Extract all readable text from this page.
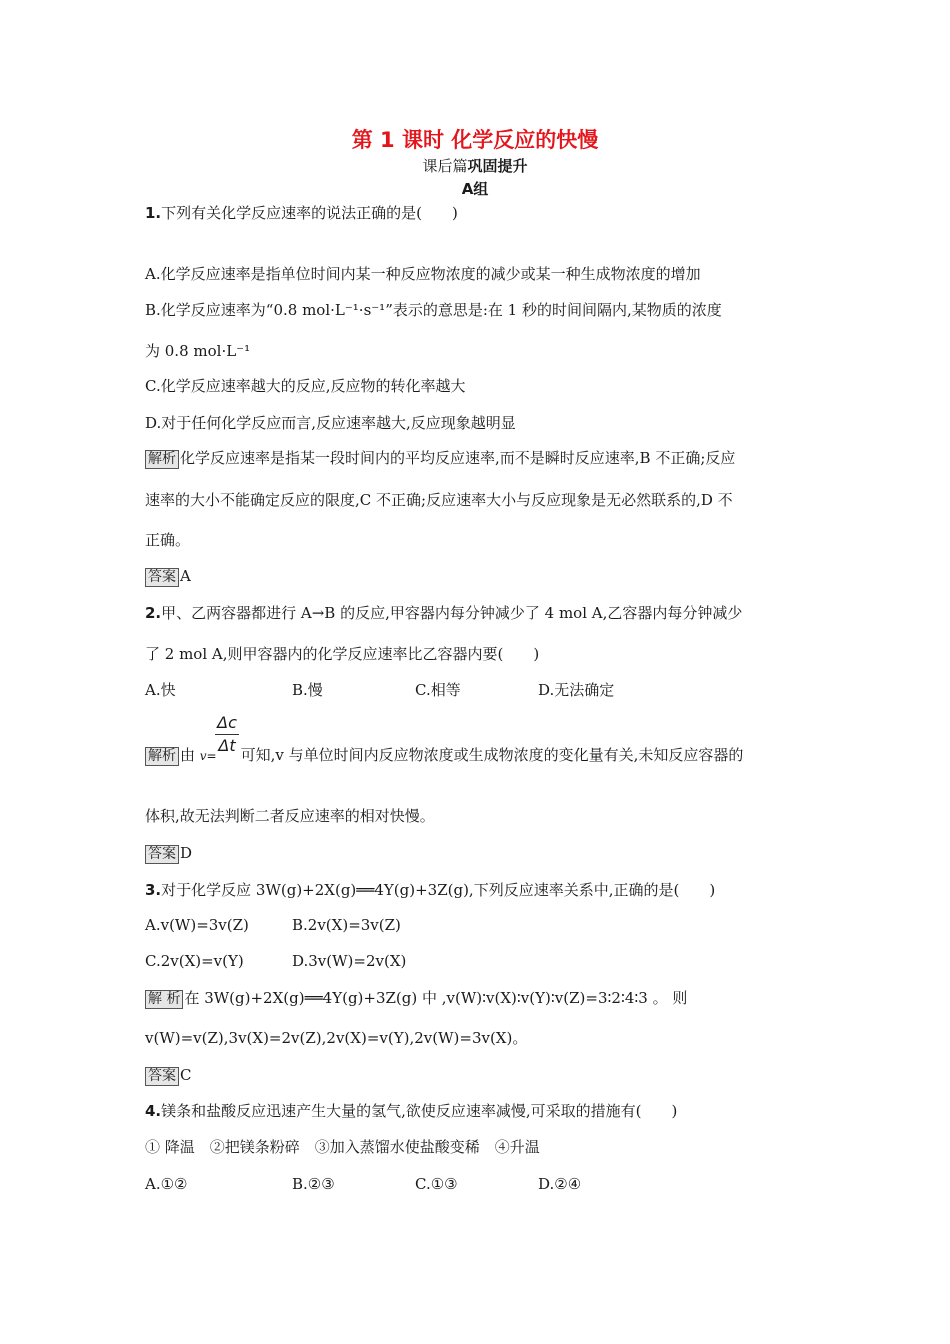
第 1 课时 化学反应的快慢
课后篇巩固提升
A组
1.下列有关化学反应速率的说法正确的是(　　)
A.化学反应速率是指单位时间内某一种反应物浓度的减少或某一种生成物浓度的增加
B.化学反应速率为“0.8 mol·L⁻¹·s⁻¹”表示的意思是:在 1 秒的时间间隔内,某物质的浓度
为 0.8 mol·L⁻¹
C.化学反应速率越大的反应,反应物的转化率越大
D.对于任何化学反应而言,反应速率越大,反应现象越明显
解析 化学反应速率是指某一段时间内的平均反应速率,而不是瞬时反应速率,B 不正确;反应
速率的大小不能确定反应的限度,C 不正确;反应速率大小与反应现象是无必然联系的,D 不
正确。
答案 A
2.甲、乙两容器都进行 A→B 的反应,甲容器内每分钟减少了 4 mol A,乙容器内每分钟减少
了 2 mol A,则甲容器内的化学反应速率比乙容器内要(　　)
A.快	B.慢	C.相等	D.无法确定
$\frac{\Delta c}{\Delta t}$
解析 由 v= 可知,v 与单位时间内反应物浓度或生成物浓度的变化量有关,未知反应容器的
体积,故无法判断二者反应速率的相对快慢。
答案 D
3.对于化学反应 3W(g)+2X(g)══4Y(g)+3Z(g),下列反应速率关系中,正确的是(　　)
A.v(W)=3v(Z)	B.2v(X)=3v(Z)
C.2v(X)=v(Y)	D.3v(W)=2v(X)
解 析 在 3W(g)+2X(g)══4Y(g)+3Z(g) 中 ,v(W)∶v(X)∶v(Y)∶v(Z)=3∶2∶4∶3 。 则
v(W)=v(Z),3v(X)=2v(Z),2v(X)=v(Y),2v(W)=3v(X)。
答案 C
4.镁条和盐酸反应迅速产生大量的氢气,欲使反应速率减慢,可采取的措施有(　　)
① 降温　②把镁条粉碎　③加入蒸馏水使盐酸变稀　④升温
A.①②	B.②③	C.①③	D.②④
